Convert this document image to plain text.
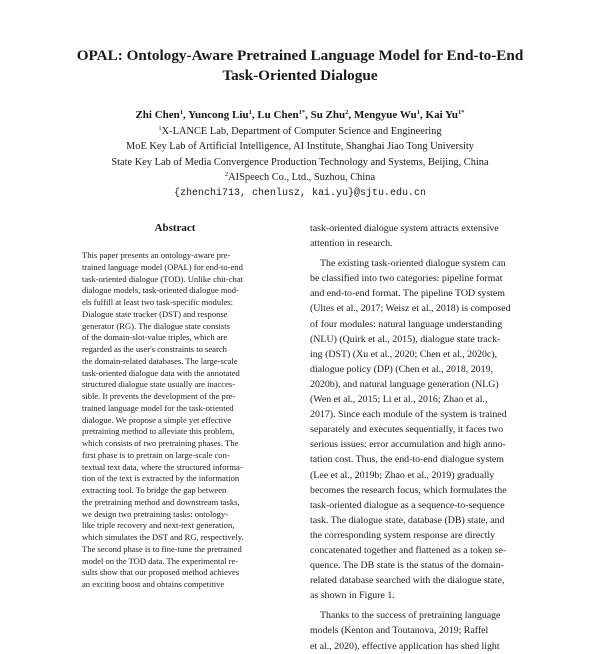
OPAL: Ontology-Aware Pretrained Language Model for End-to-End
Task-Oriented Dialogue
Zhi Chen$^1$, Yuncong Liu$^1$, Lu Chen$^{1*}$, Su Zhu$^2$, Mengyue Wu$^1$, Kai $Yu^{1*}$
$^1$X-LANCE Lab, Department of Computer Science and Engineering
MoE Key Lab of Artificial Intelligence, AI Institute, Shanghai Jiao Tong University
State Key Lab of Media Convergence Production Technology and Systems, Beijing, China
$^2$AISpeech Co., Ltd., Suzhou, China
{zhenchi713, chenlusz, kai.yu}@sjtu.edu.cn
Abstract
This paper presents an ontology-aware pre-
trained language model (OPAL) for end-to-end
task-oriented dialogue (TOD). Unlike chit-chat
dialogue models, task-oriented dialogue mod-
els fulfill at least two task-specific modules:
Dialogue state tracker (DST) and response
generator (RG). The dialogue state consists
of the domain-slot-value triples, which are
regarded as the user's constraints to search
the domain-related databases. The large-scale
task-oriented dialogue data with the annotated
structured dialogue state usually are inacces-
sible. It prevents the development of the pre-
trained language model for the task-oriented
dialogue. We propose a simple yet effective
pretraining method to alleviate this problem,
which consists of two pretraining phases. The
first phase is to pretrain on large-scale con-
textual text data, where the structured informa-
tion of the text is extracted by the information
extracting tool. To bridge the gap between
the pretraining method and downstream tasks,
we design two pretraining tasks: ontology-
like triple recovery and next-text generation,
which simulates the DST and RG, respectively.
The second phase is to fine-tune the pretrained
model on the TOD data. The experimental re-
sults show that our proposed method achieves
an exciting boost and obtains competitive
task-oriented dialogue system attracts extensive
attention in research.
The existing task-oriented dialogue system can
be classified into two categories: pipeline format
and end-to-end format. The pipeline TOD system
(Ultes et al., 2017; Weisz et al., 2018) is composed
of four modules: natural language understanding
(NLU) (Quirk et al., 2015), dialogue state track-
ing (DST) (Xu et al., 2020; Chen et al., 2020c),
dialogue policy (DP) (Chen et al., 2018, 2019,
2020b), and natural language generation (NLG)
(Wen et al., 2015; Li et al., 2016; Zhao et al.,
2017). Since each module of the system is trained
separately and executes sequentially, it faces two
serious issues: error accumulation and high anno-
tation cost. Thus, the end-to-end dialogue system
(Lee et al., 2019b; Zhao et al., 2019) gradually
becomes the research focus, which formulates the
task-oriented dialogue as a sequence-to-sequence
task. The dialogue state, database (DB) state, and
the corresponding system response are directly
concatenated together and flattened as a token se-
quence. The DB state is the status of the domain-
related database searched with the dialogue state,
as shown in Figure 1.
Thanks to the success of pretraining language
models (Kenton and Toutanova, 2019; Raffel
et al., 2020), effective application has shed light
